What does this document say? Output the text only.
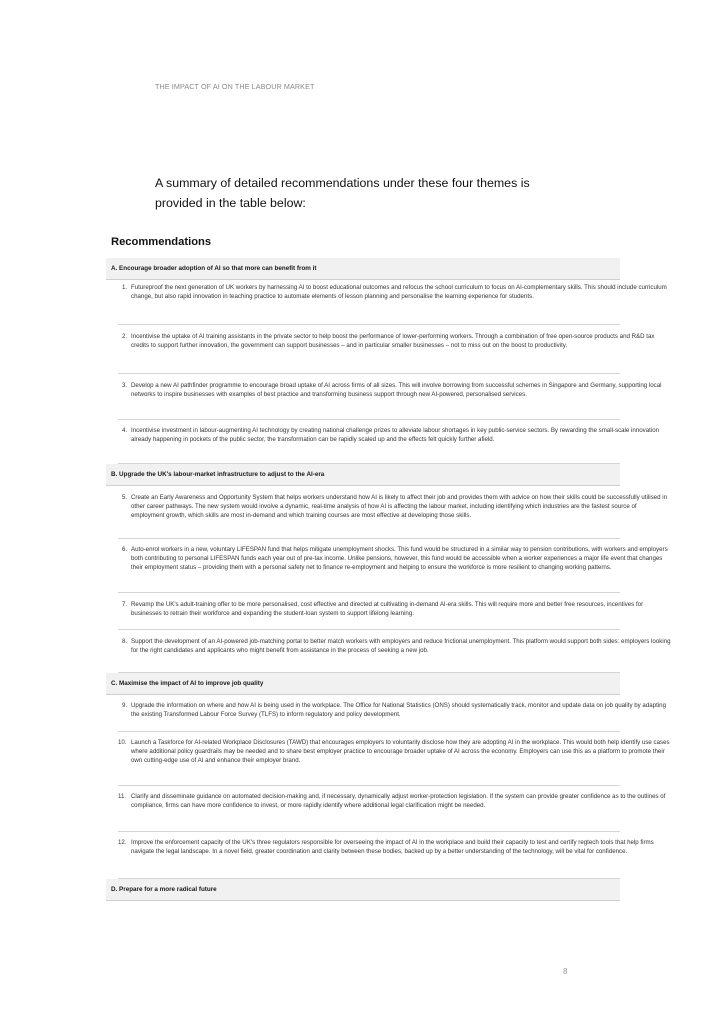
THE IMPACT OF AI ON THE LABOUR MARKET
A summary of detailed recommendations under these four themes is provided in the table below:
Recommendations
A. Encourage broader adoption of AI so that more can benefit from it
1. Futureproof the next generation of UK workers by harnessing AI to boost educational outcomes and refocus the school curriculum to focus on AI-complementary skills. This should include curriculum change, but also rapid innovation in teaching practice to automate elements of lesson planning and personalise the learning experience for students.
2. Incentivise the uptake of AI training assistants in the private sector to help boost the performance of lower-performing workers. Through a combination of free open-source products and R&D tax credits to support further innovation, the government can support businesses – and in particular smaller businesses – not to miss out on the boost to productivity.
3. Develop a new AI pathfinder programme to encourage broad uptake of AI across firms of all sizes. This will involve borrowing from successful schemes in Singapore and Germany, supporting local networks to inspire businesses with examples of best practice and transforming business support through new AI-powered, personalised services.
4. Incentivise investment in labour-augmenting AI technology by creating national challenge prizes to alleviate labour shortages in key public-service sectors. By rewarding the small-scale innovation already happening in pockets of the public sector, the transformation can be rapidly scaled up and the effects felt quickly further afield.
B. Upgrade the UK's labour-market infrastructure to adjust to the AI-era
5. Create an Early Awareness and Opportunity System that helps workers understand how AI is likely to affect their job and provides them with advice on how their skills could be successfully utilised in other career pathways. The new system would involve a dynamic, real-time analysis of how AI is affecting the labour market, including identifying which industries are the fastest source of employment growth, which skills are most in-demand and which training courses are most effective at developing those skills.
6. Auto-enrol workers in a new, voluntary LIFESPAN fund that helps mitigate unemployment shocks. This fund would be structured in a similar way to pension contributions, with workers and employers both contributing to personal LIFESPAN funds each year out of pre-tax income. Unlike pensions, however, this fund would be accessible when a worker experiences a major life event that changes their employment status – providing them with a personal safety net to finance re-employment and helping to ensure the workforce is more resilient to changing working patterns.
7. Revamp the UK's adult-training offer to be more personalised, cost effective and directed at cultivating in-demand AI-era skills. This will require more and better free resources, incentives for businesses to retrain their workforce and expanding the student-loan system to support lifelong learning.
8. Support the development of an AI-powered job-matching portal to better match workers with employers and reduce frictional unemployment. This platform would support both sides: employers looking for the right candidates and applicants who might benefit from assistance in the process of seeking a new job.
C. Maximise the impact of AI to improve job quality
9. Upgrade the information on where and how AI is being used in the workplace. The Office for National Statistics (ONS) should systematically track, monitor and update data on job quality by adapting the existing Transformed Labour Force Survey (TLFS) to inform regulatory and policy development.
10. Launch a Taskforce for AI-related Workplace Disclosures (TAWD) that encourages employers to voluntarily disclose how they are adopting AI in the workplace. This would both help identify use cases where additional policy guardrails may be needed and to share best employer practice to encourage broader uptake of AI across the economy. Employers can use this as a platform to promote their own cutting-edge use of AI and enhance their employer brand.
11. Clarify and disseminate guidance on automated decision-making and, if necessary, dynamically adjust worker-protection legislation. If the system can provide greater confidence as to the outlines of compliance, firms can have more confidence to invest, or more rapidly identify where additional legal clarification might be needed.
12. Improve the enforcement capacity of the UK's three regulators responsible for overseeing the impact of AI in the workplace and build their capacity to test and certify regtech tools that help firms navigate the legal landscape. In a novel field, greater coordination and clarity between these bodies, backed up by a better understanding of the technology, will be vital for confidence.
D. Prepare for a more radical future
8
